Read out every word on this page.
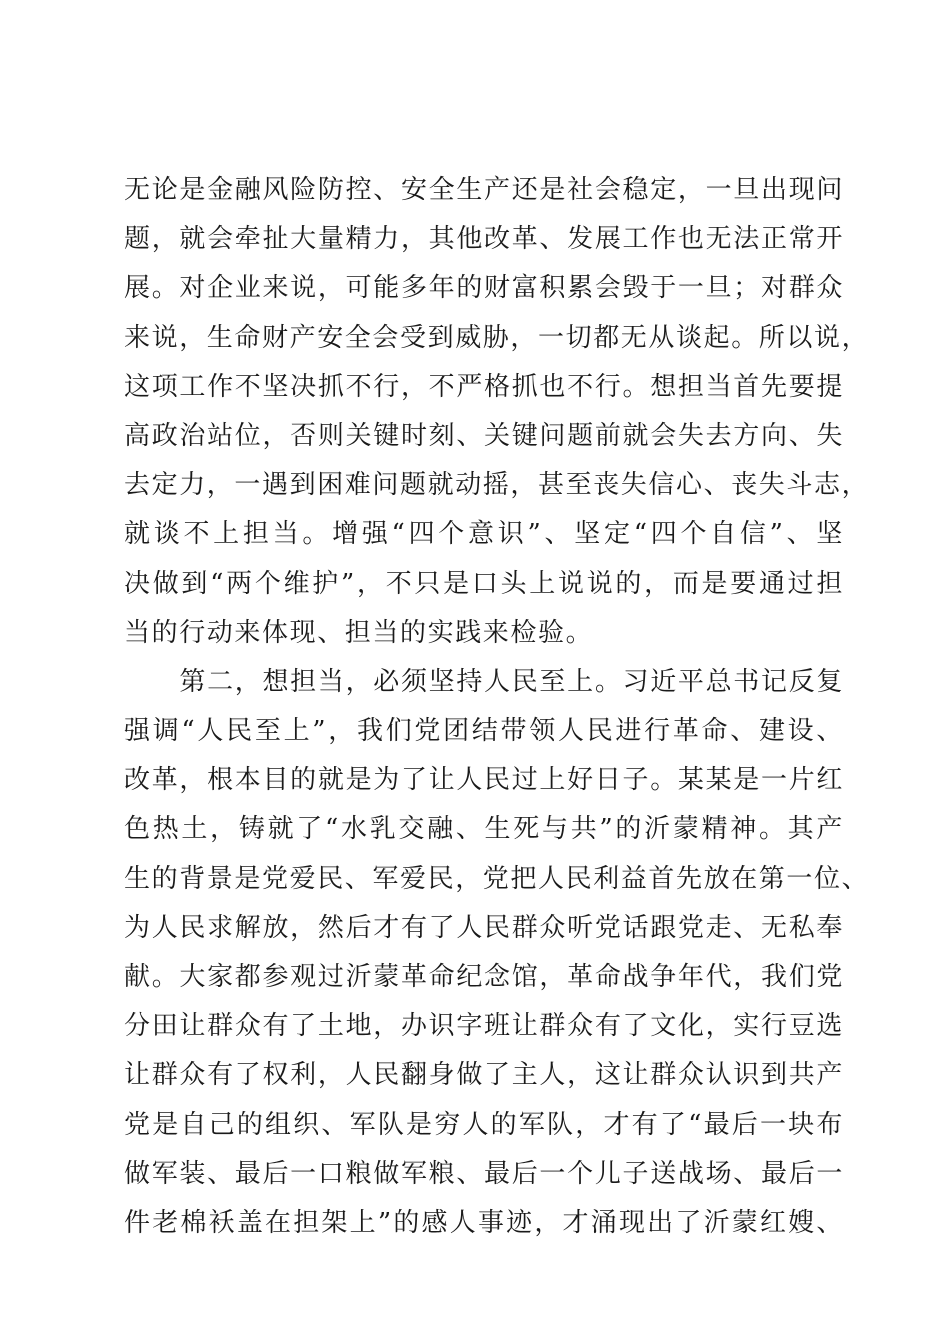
无论是金融风险防控、安全生产还是社会稳定，一旦出现问
题，就会牵扯大量精力，其他改革、发展工作也无法正常开
展。对企业来说，可能多年的财富积累会毁于一旦；对群众
来说，生命财产安全会受到威胁，一切都无从谈起。所以说，
这项工作不坚决抓不行，不严格抓也不行。想担当首先要提
高政治站位，否则关键时刻、关键问题前就会失去方向、失
去定力，一遇到困难问题就动摇，甚至丧失信心、丧失斗志，
就谈不上担当。增强“四个意识”、坚定“四个自信”、坚
决做到“两个维护”，不只是口头上说说的，而是要通过担
当的行动来体现、担当的实践来检验。
　　第二，想担当，必须坚持人民至上。习近平总书记反复
强调“人民至上”，我们党团结带领人民进行革命、建设、
改革，根本目的就是为了让人民过上好日子。某某是一片红
色热土，铸就了“水乳交融、生死与共”的沂蒙精神。其产
生的背景是党爱民、军爱民，党把人民利益首先放在第一位、
为人民求解放，然后才有了人民群众听党话跟党走、无私奉
献。大家都参观过沂蒙革命纪念馆，革命战争年代，我们党
分田让群众有了土地，办识字班让群众有了文化，实行豆选
让群众有了权利，人民翻身做了主人，这让群众认识到共产
党是自己的组织、军队是穷人的军队，才有了“最后一块布
做军装、最后一口粮做军粮、最后一个儿子送战场、最后一
件老棉袄盖在担架上”的感人事迹，才涌现出了沂蒙红嫂、
